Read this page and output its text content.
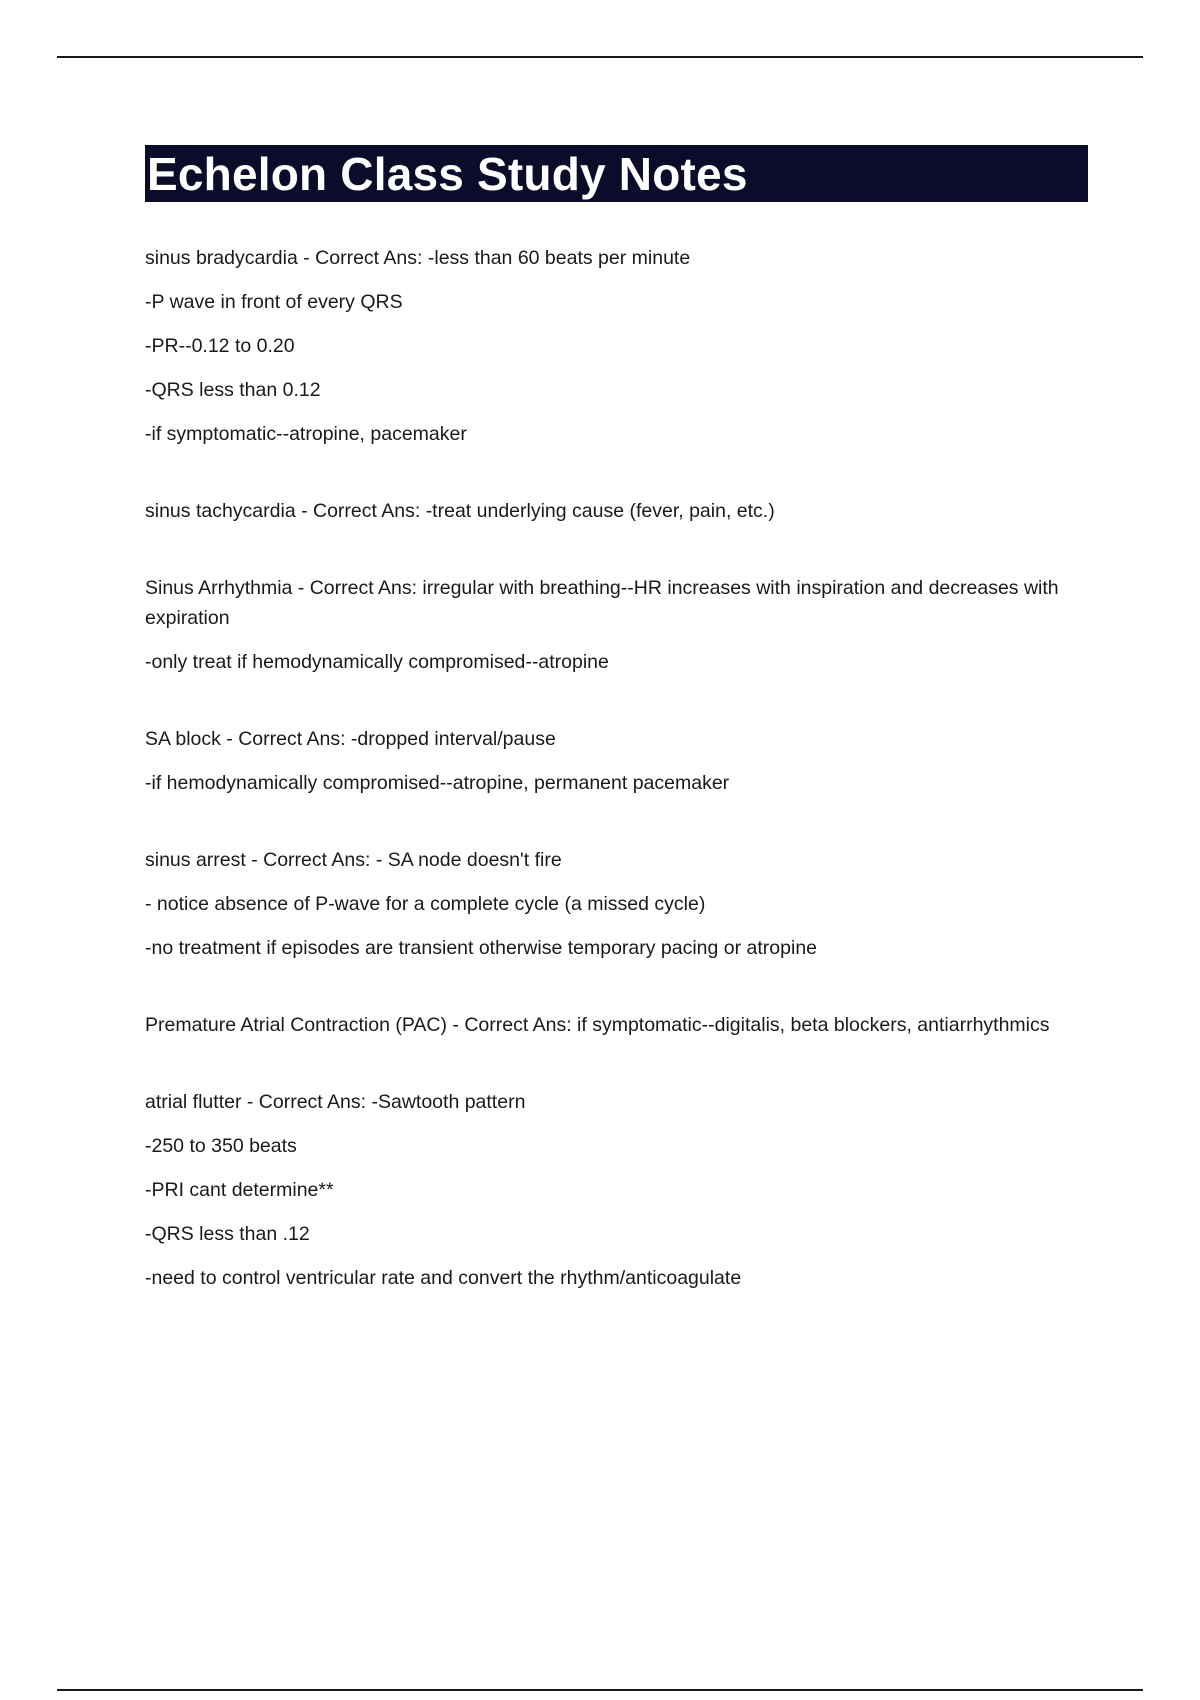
Echelon Class Study Notes

sinus bradycardia - Correct Ans: -less than 60 beats per minute

-P wave in front of every QRS

-PR--0.12 to 0.20

-QRS less than 0.12

-if symptomatic--atropine, pacemaker

sinus tachycardia - Correct Ans: -treat underlying cause (fever, pain, etc.)

Sinus Arrhythmia - Correct Ans: irregular with breathing--HR increases with inspiration and decreases with expiration

-only treat if hemodynamically compromised--atropine

SA block - Correct Ans: -dropped interval/pause

-if hemodynamically compromised--atropine, permanent pacemaker

sinus arrest - Correct Ans: - SA node doesn't fire

- notice absence of P-wave for a complete cycle (a missed cycle)

-no treatment if episodes are transient otherwise temporary pacing or atropine

Premature Atrial Contraction (PAC) - Correct Ans: if symptomatic--digitalis, beta blockers, antiarrhythmics

atrial flutter - Correct Ans: -Sawtooth pattern

-250 to 350 beats

-PRI cant determine**

-QRS less than .12

-need to control ventricular rate and convert the rhythm/anticoagulate
